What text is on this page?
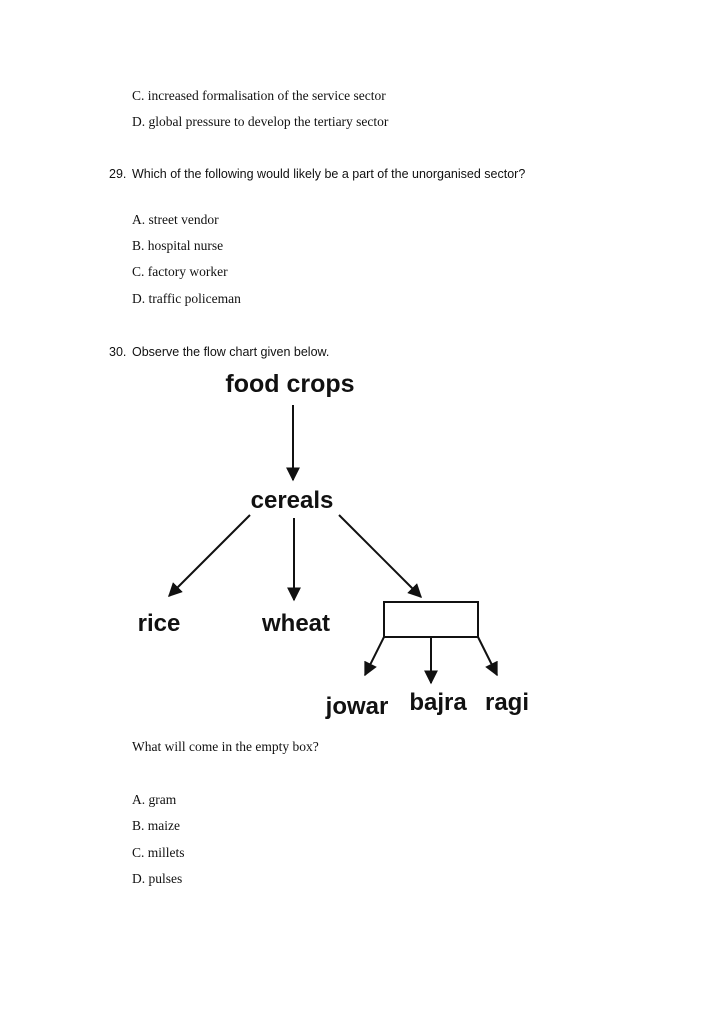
C. increased formalisation of the service sector
D. global pressure to develop the tertiary sector
29. Which of the following would likely be a part of the unorganised sector?
A. street vendor
B. hospital nurse
C. factory worker
D. traffic policeman
30. Observe the flow chart given below.
food crops
cereals
rice	wheat
jowar bajra ragi
What will come in the empty box?
A. gram
B. maize
C. millets
D. pulses
